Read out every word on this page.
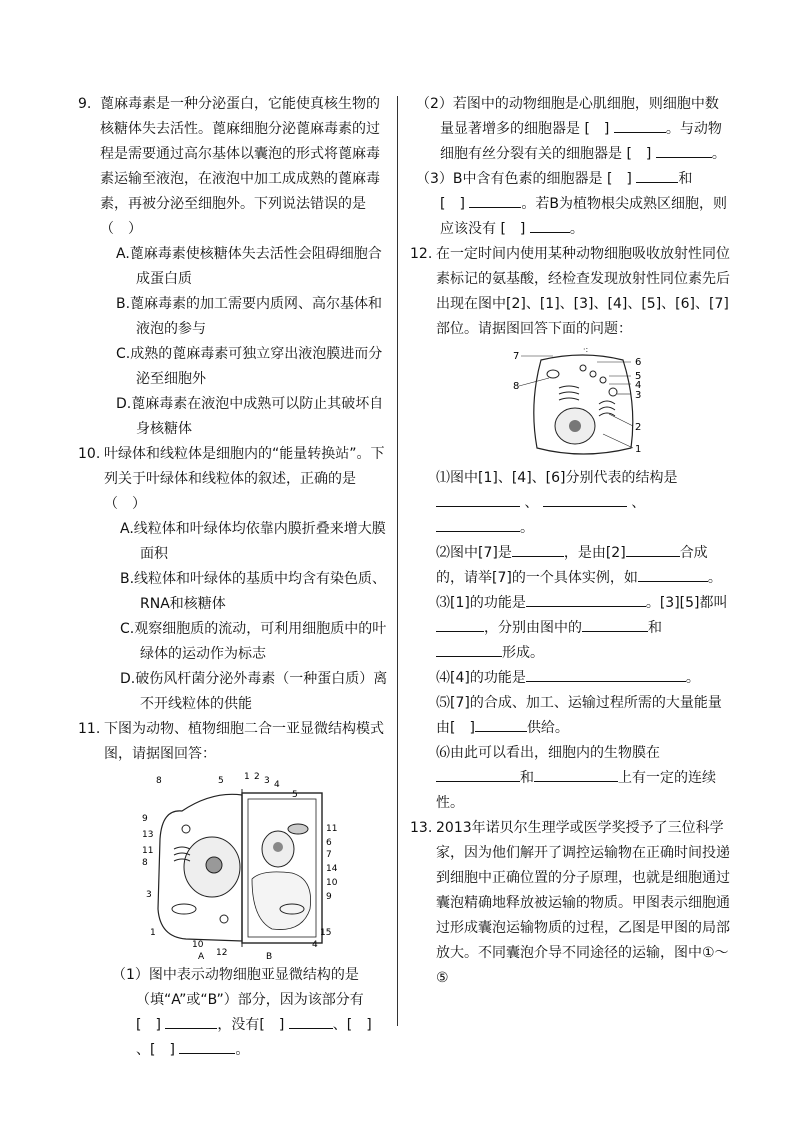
9. 蓖麻毒素是一种分泌蛋白，它能使真核生物的核糖体失去活性。蓖麻细胞分泌蓖麻毒素的过程是需要通过高尔基体以囊泡的形式将蓖麻毒素运输至液泡，在液泡中加工成成熟的蓖麻毒素，再被分泌至细胞外。下列说法错误的是（　）

A.蓖麻毒素使核糖体失去活性会阻碍细胞合成蛋白质
B.蓖麻毒素的加工需要内质网、高尔基体和液泡的参与
C.成熟的蓖麻毒素可独立穿出液泡膜进而分泌至细胞外
D.蓖麻毒素在液泡中成熟可以防止其破坏自身核糖体
10. 叶绿体和线粒体是细胞内的“能量转换站”。下列关于叶绿体和线粒体的叙述，正确的是（　）

A.线粒体和叶绿体均依靠内膜折叠来增大膜面积
B.线粒体和叶绿体的基质中均含有染色质、RNA和核糖体
C.观察细胞质的流动，可利用细胞质中的叶绿体的运动作为标志
D.破伤风杆菌分泌外毒素（一种蛋白质）离不开线粒体的供能
11. 下图为动物、植物细胞二合一亚显微结构模式图，请据图回答：

8	5 1 2 3 4
5
9
13
11
8
3
1
11
6
7
14
10
9
15
4
10
12
A	B
（1）图中表示动物细胞亚显微结构的是（填“A”或“B”）部分，因为该部分有
[　]	，没有[　]	、[　]
、[　]	。
（2）若图中的动物细胞是心肌细胞，则细胞中数量显著增多的细胞器是 [　]	。与动物细胞有丝分裂有关的细胞器是 [　]	。
（3）B中含有色素的细胞器是 [　]	和
[　]	。若B为植物根尖成熟区细胞，则应该没有 [　]	。
12. 在一定时间内使用某种动物细胞吸收放射性同位素标记的氨基酸，经检查发现放射性同位素先后出现在图中[2]、[1]、[3]、[4]、[5]、[6]、[7]部位。请据图回答下面的问题：

·:
7
6
5
4
3
8
2
1
⑴图中[1]、[4]、[6]分别代表的结构是
、	、
。
⑵图中[7]是	，是由[2]	合成的，请举[7]的一个具体实例，如	。
⑶[1]的功能是	。[3][5]都叫，分别由图中的	和
形成。
⑷[4]的功能是	。
⑸[7]的合成、加工、运输过程所需的大量能量由[　]	供给。
⑹由此可以看出，细胞内的生物膜在和	上有一定的连续性。
13. 2013年诺贝尔生理学或医学奖授予了三位科学家，因为他们解开了调控运输物在正确时间投递到细胞中正确位置的分子原理，也就是细胞通过囊泡精确地释放被运输的物质。甲图表示细胞通过形成囊泡运输物质的过程，乙图是甲图的局部放大。不同囊泡介导不同途径的运输，图中①～⑤
